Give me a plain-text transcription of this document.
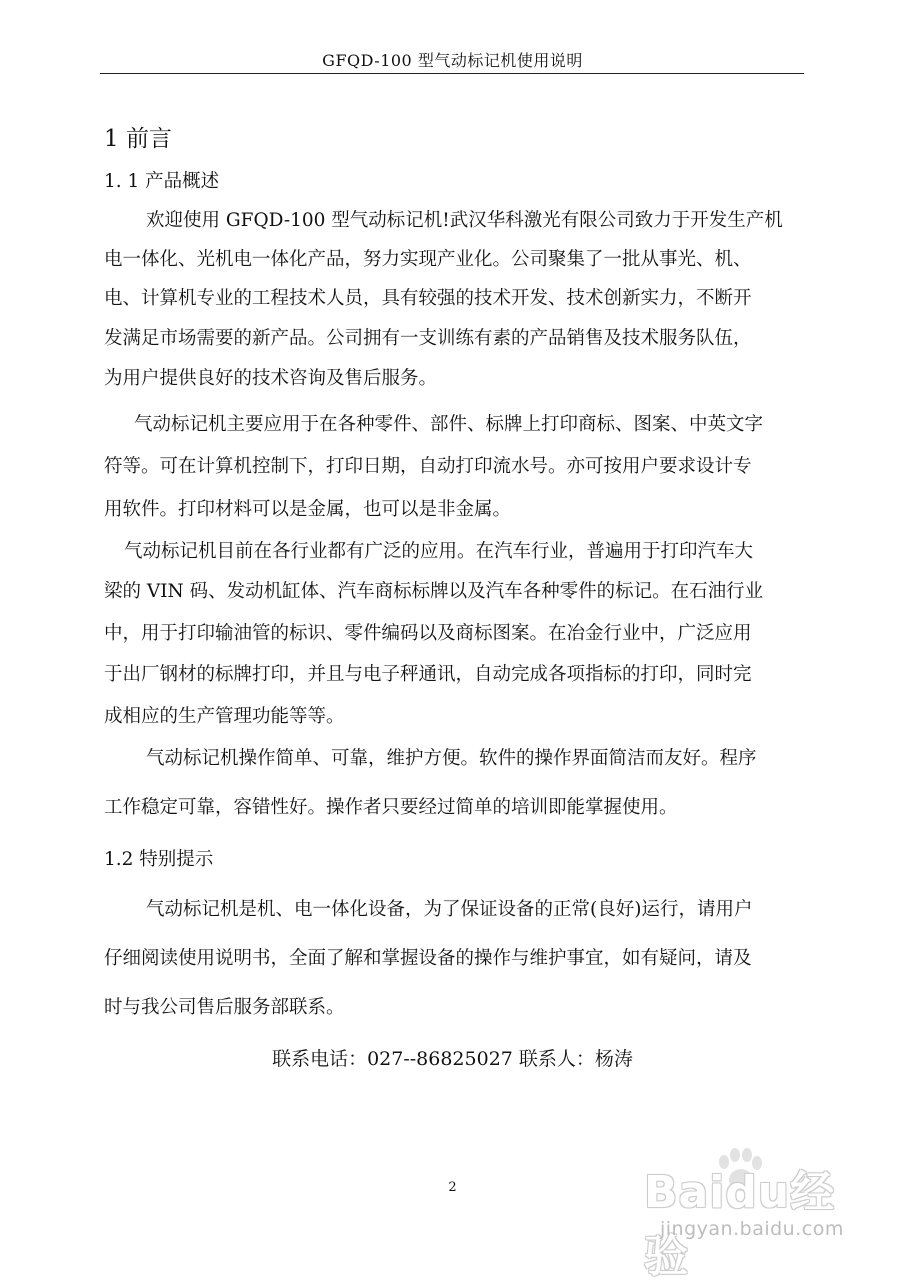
GFQD-100 型气动标记机使用说明
1 前言
1. 1 产品概述
欢迎使用 GFQD-100 型气动标记机!武汉华科激光有限公司致力于开发生产机
电一体化、光机电一体化产品，努力实现产业化。公司聚集了一批从事光、机、
电、计算机专业的工程技术人员，具有较强的技术开发、技术创新实力，不断开
发满足市场需要的新产品。公司拥有一支训练有素的产品销售及技术服务队伍，
为用户提供良好的技术咨询及售后服务。
气动标记机主要应用于在各种零件、部件、标牌上打印商标、图案、中英文字
符等。可在计算机控制下，打印日期，自动打印流水号。亦可按用户要求设计专
用软件。打印材料可以是金属，也可以是非金属。
气动标记机目前在各行业都有广泛的应用。在汽车行业，普遍用于打印汽车大
梁的 VIN 码、发动机缸体、汽车商标标牌以及汽车各种零件的标记。在石油行业
中，用于打印输油管的标识、零件编码以及商标图案。在冶金行业中，广泛应用
于出厂钢材的标牌打印，并且与电子秤通讯，自动完成各项指标的打印，同时完
成相应的生产管理功能等等。
气动标记机操作简单、可靠，维护方便。软件的操作界面简洁而友好。程序
工作稳定可靠，容错性好。操作者只要经过简单的培训即能掌握使用。
1.2 特别提示
气动标记机是机、电一体化设备，为了保证设备的正常(良好)运行，请用户
仔细阅读使用说明书，全面了解和掌握设备的操作与维护事宜，如有疑问，请及
时与我公司售后服务部联系。
联系电话：027--86825027 联系人：杨涛
2	Baidu经验
jingyan.baidu.com
